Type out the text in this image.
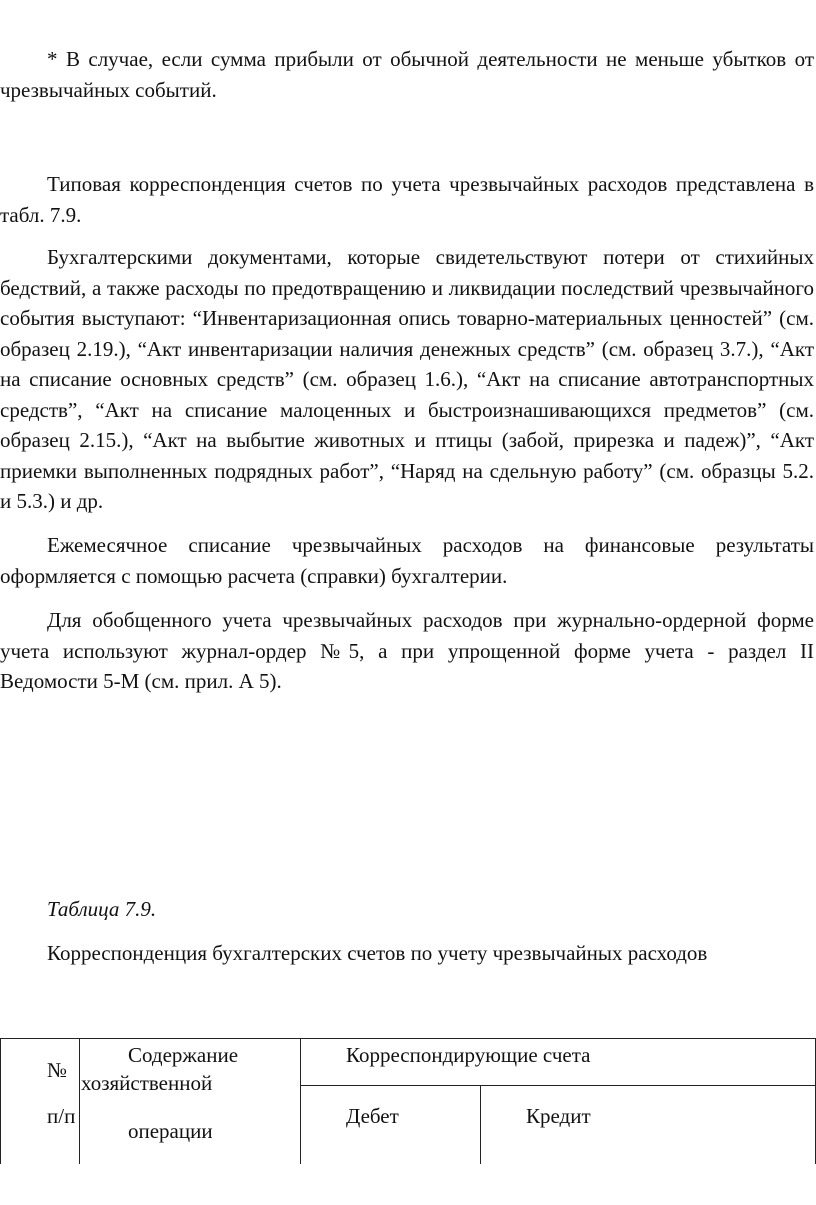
* В случае, если сумма прибыли от обычной деятельности не меньше убытков от чрезвычайных событий.

Типовая корреспонденция счетов по учета чрезвычайных расходов представлена в табл. 7.9.

Бухгалтерскими документами, которые свидетельствуют потери от стихийных бедствий, а также расходы по предотвращению и ликвидации последствий чрезвычайного события выступают: “Инвентаризационная опись товарно-материальных ценностей” (см. образец 2.19.), “Акт инвентаризации наличия денежных средств” (см. образец 3.7.), “Акт на списание основных средств” (см. образец 1.6.), “Акт на списание автотранспортных средств”, “Акт на списание малоценных и быстроизнашивающихся предметов” (см. образец 2.15.), “Акт на выбытие животных и птицы (забой, прирезка и падеж)”, “Акт приемки выполненных подрядных работ”, “Наряд на сдельную работу” (см. образцы 5.2. и 5.3.) и др.

Ежемесячное списание чрезвычайных расходов на финансовые результаты оформляется с помощью расчета (справки) бухгалтерии.

Для обобщенного учета чрезвычайных расходов при журнально-ордерной форме учета используют журнал-ордер №5, а при упрощенной форме учета - раздел II Ведомости 5-М (см. прил. А 5).

Таблица 7.9.
Корреспонденция бухгалтерских счетов по учету чрезвычайных расходов
№
п/п
Содержание
хозяйственной
операции
Корреспондирующие счета
Дебет	Кредит
